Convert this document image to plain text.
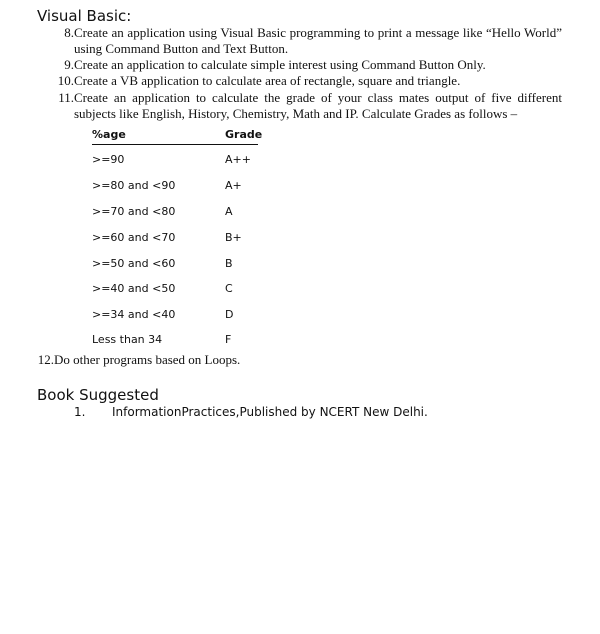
Visual Basic:
8. Create an application using Visual Basic programming to print a message like “Hello World” using Command Button and Text Button.
9. Create an application to calculate simple interest using Command Button Only.
10. Create a VB application to calculate area of rectangle, square and triangle.
11. Create an application to calculate the grade of your class mates output of five different subjects like English, History, Chemistry, Math and IP. Calculate Grades as follows –
%age	Grade
>=90	A++
>=80 and <90	A+
>=70 and <80	A
>=60 and <70	B+
>=50 and <60	B
>=40 and <50	C
>=34 and <40	D
Less than 34	F
12. Do other programs based on Loops.
Book Suggested
1. InformationPractices,Published by NCERT New Delhi.
